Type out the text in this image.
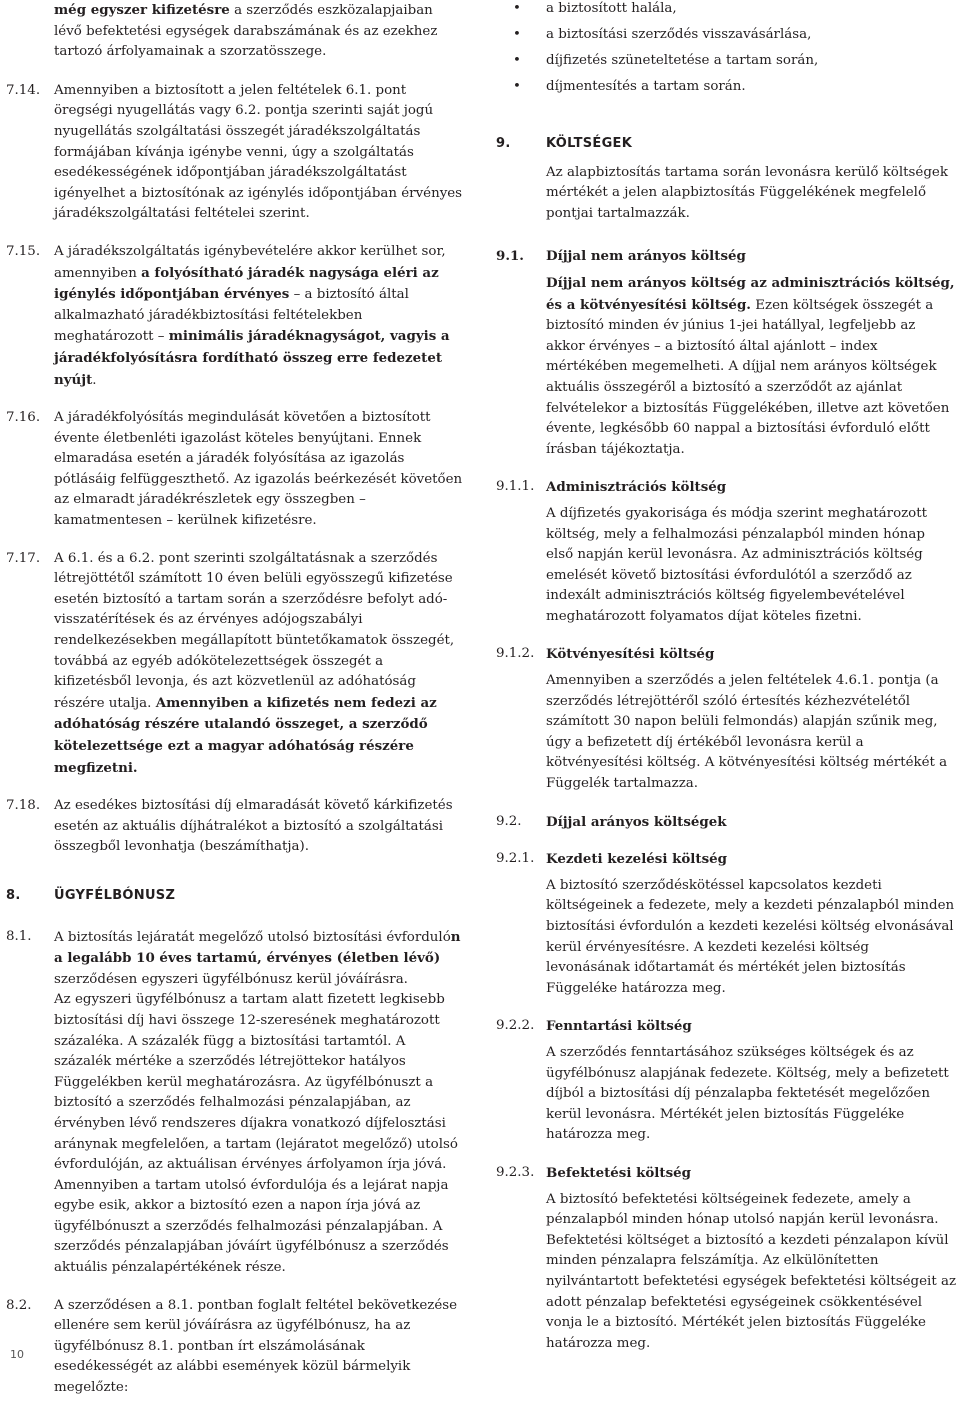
még egyszer kifizetésre a szerződés eszközalapjaiban lévő befektetési egységek darabszámának és az ezekhez tartozó árfolyamainak a szorzatösszege.

7.14. Amennyiben a biztosított a jelen feltételek 6.1. pont öregségi nyugellátás vagy 6.2. pontja szerinti saját jogú nyugellátás szolgáltatási összegét járadékszolgáltatás formájában kívánja igénybe venni, úgy a szolgáltatás esedékességének időpontjában járadékszolgáltatást igényelhet a biztosítónak az igénylés időpontjában érvényes járadékszolgáltatási feltételei szerint.

7.15. A járadékszolgáltatás igénybevételére akkor kerülhet sor, amennyiben a folyósítható járadék nagysága eléri az igénylés időpontjában érvényes – a biztosító által alkalmazható járadékbiztosítási feltételekben meghatározott – minimális járadéknagyságot, vagyis a járadékfolyósításra fordítható összeg erre fedezetet nyújt.

7.16. A járadékfolyósítás megindulását követően a biztosított évente életbenléti igazolást köteles benyújtani. Ennek elmaradása esetén a járadék folyósítása az igazolás pótlásáig felfüggeszthető. Az igazolás beérkezését követően az elmaradt járadékrészletek egy összegben – kamatmentesen – kerülnek kifizetésre.

7.17. A 6.1. és a 6.2. pont szerinti szolgáltatásnak a szerződés létrejöttétől számított 10 éven belüli egyösszegű kifizetése esetén biztosító a tartam során a szerződésre befolyt adó-visszatérítések és az érvényes adójogszabályi rendelkezésekben megállapított büntetőkamatok összegét, továbbá az egyéb adókötelezettségek összegét a kifizetésből levonja, és azt közvetlenül az adóhatóság részére utalja. Amennyiben a kifizetés nem fedezi az adóhatóság részére utalandó összeget, a szerződő kötelezettsége ezt a magyar adóhatóság részére megfizetni.

7.18. Az esedékes biztosítási díj elmaradását követő kárkifizetés esetén az aktuális díjhátralékot a biztosító a szolgáltatási összegből levonhatja (beszámíthatja).

8.	ÜGYFÉLBÓNUSZ
8.1. A biztosítás lejáratát megelőző utolsó biztosítási évfordulón a legalább 10 éves tartamú, érvényes (életben lévő) szerződésen egyszeri ügyfélbónusz kerül jóváírásra.

Az egyszeri ügyfélbónusz a tartam alatt fizetett legkisebb biztosítási díj havi összege 12-szeresének meghatározott százaléka. A százalék függ a biztosítási tartamtól. A százalék mértéke a szerződés létrejöttekor hatályos Függelékben kerül meghatározásra. Az ügyfélbónuszt a biztosító a szerződés felhalmozási pénzalapjában, az érvényben lévő rendszeres díjakra vonatkozó díjfelosztási aránynak megfelelően, a tartam (lejáratot megelőző) utolsó évfordulóján, az aktuálisan érvényes árfolyamon írja jóvá. Amennyiben a tartam utolsó évfordulója és a lejárat napja egybe esik, akkor a biztosító ezen a napon írja jóvá az ügyfélbónuszt a szerződés felhalmozási pénzalapjában. A szerződés pénzalapjában jóváírt ügyfélbónusz a szerződés aktuális pénzalapértékének része.

8.2. A szerződésen a 8.1. pontban foglalt feltétel bekövetkezése ellenére sem kerül jóváírásra az ügyfélbónusz, ha az ügyfélbónusz 8.1. pontban írt elszámolásának esedékességét az alábbi események közül bármelyik megelőzte:

• a biztosított halála,
• a biztosítási szerződés visszavásárlása,
• díjfizetés szüneteltetése a tartam során,
• díjmentesítés a tartam során.
9.	KÖLTSÉGEK

Az alapbiztosítás tartama során levonásra kerülő költségek mértékét a jelen alapbiztosítás Függelékének megfelelő pontjai tartalmazzák.

9.1. Díjjal nem arányos költség

Díjjal nem arányos költség az adminisztrációs költség, és a kötvényesítési költség. Ezen költségek összegét a biztosító minden év június 1-jei hatállyal, legfeljebb az akkor érvényes – a biztosító által ajánlott – index mértékében megemelheti. A díjjal nem arányos költségek aktuális összegéről a biztosító a szerződőt az ajánlat felvételekor a biztosítás Függelékében, illetve azt követően évente, legkésőbb 60 nappal a biztosítási évforduló előtt írásban tájékoztatja.

9.1.1. Adminisztrációs költség

A díjfizetés gyakorisága és módja szerint meghatározott költség, mely a felhalmozási pénzalapból minden hónap első napján kerül levonásra. Az adminisztrációs költség emelését követő biztosítási évfordulótól a szerződő az indexált adminisztrációs költség figyelembevételével meghatározott folyamatos díjat köteles fizetni.

9.1.2. Kötvényesítési költség

Amennyiben a szerződés a jelen feltételek 4.6.1. pontja (a szerződés létrejöttéről szóló értesítés kézhezvételétől számított 30 napon belüli felmondás) alapján szűnik meg, úgy a befizetett díj értékéből levonásra kerül a kötvényesítési költség. A kötvényesítési költség mértékét a Függelék tartalmazza.

9.2. Díjjal arányos költségek

9.2.1. Kezdeti kezelési költség

A biztosító szerződéskötéssel kapcsolatos kezdeti költségeinek a fedezete, mely a kezdeti pénzalapból minden biztosítási évforduló​n a kezdeti kezelési költség elvonásával kerül érvényesítésre. A kezdeti kezelési költség levonásának időtartamát és mértékét jelen biztosítás Függeléke határozza meg.

9.2.2. Fenntartási költség

A szerződés fenntartásához szükséges költségek és az ügyfélbónusz alapjának fedezete. Költség, mely a befizetett díjból a biztosítási díj pénzalapba fektetését megelőzően kerül levonásra. Mértékét jelen biztosítás Függeléke határozza meg.

9.2.3. Befektetési költség

A biztosító befektetési költségeinek fedezete, amely a pénzalapból minden hónap utolsó napján kerül levonásra. Befektetési költséget a biztosító a kezdeti pénzalapon kívül minden pénzalapra felszámítja. Az elkülönítetten nyilvántartott befektetési egységek befektetési költségeit az adott pénzalap befektetési egységeinek csökkentésével vonja le a biztosító. Mértékét jelen biztosítás Függeléke határozza meg.

10
